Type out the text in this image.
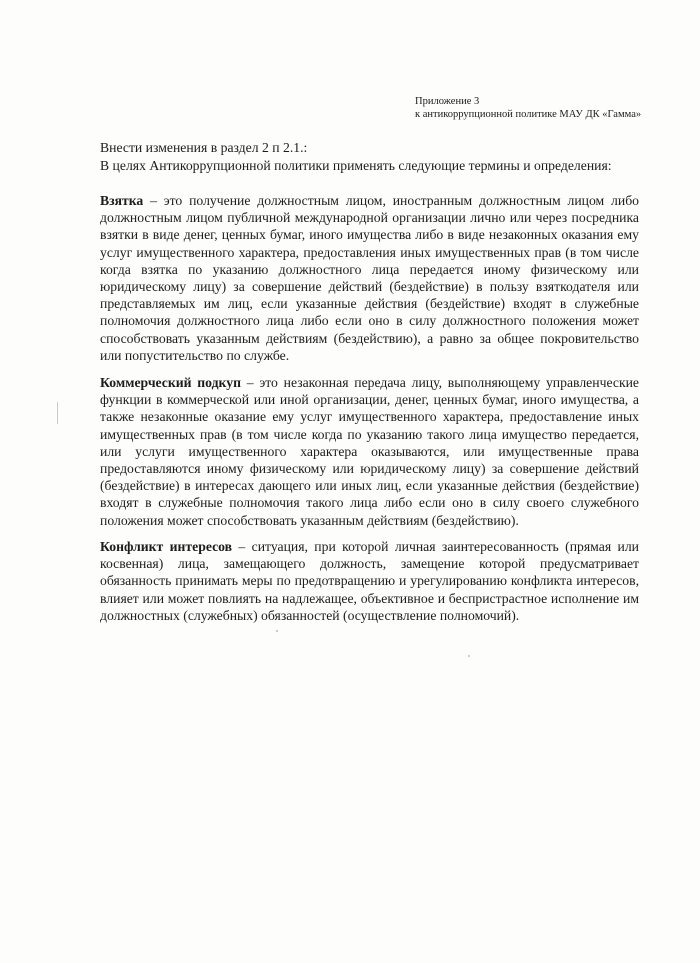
Приложение 3
к антикоррупционной политике МАУ ДК «Гамма»
Внести изменения в раздел 2 п 2.1.:
В целях Антикоррупционной политики применять следующие термины и определения:

Взятка – это получение должностным лицом, иностранным должностным лицом либо должностным лицом публичной международной организации лично или через посредника взятки в виде денег, ценных бумаг, иного имущества либо в виде незаконных оказания ему услуг имущественного характера, предоставления иных имущественных прав (в том числе когда взятка по указанию должностного лица передается иному физическому или юридическому лицу) за совершение действий (бездействие) в пользу взяткодателя или представляемых им лиц, если указанные действия (бездействие) входят в служебные полномочия должностного лица либо если оно в силу должностного положения может способствовать указанным действиям (бездействию), а равно за общее покровительство или попустительство по службе.

Коммерческий подкуп – это незаконная передача лицу, выполняющему управленческие функции в коммерческой или иной организации, денег, ценных бумаг, иного имущества, а также незаконные оказание ему услуг имущественного характера, предоставление иных имущественных прав (в том числе когда по указанию такого лица имущество передается, или услуги имущественного характера оказываются, или имущественные права предоставляются иному физическому или юридическому лицу) за совершение действий (бездействие) в интересах дающего или иных лиц, если указанные действия (бездействие) входят в служебные полномочия такого лица либо если оно в силу своего служебного положения может способствовать указанным действиям (бездействию).

Конфликт интересов – ситуация, при которой личная заинтересованность (прямая или косвенная) лица, замещающего должность, замещение которой предусматривает обязанность принимать меры по предотвращению и урегулированию конфликта интересов, влияет или может повлиять на надлежащее, объективное и беспристрастное исполнение им должностных (служебных) обязанностей (осуществление полномочий).
